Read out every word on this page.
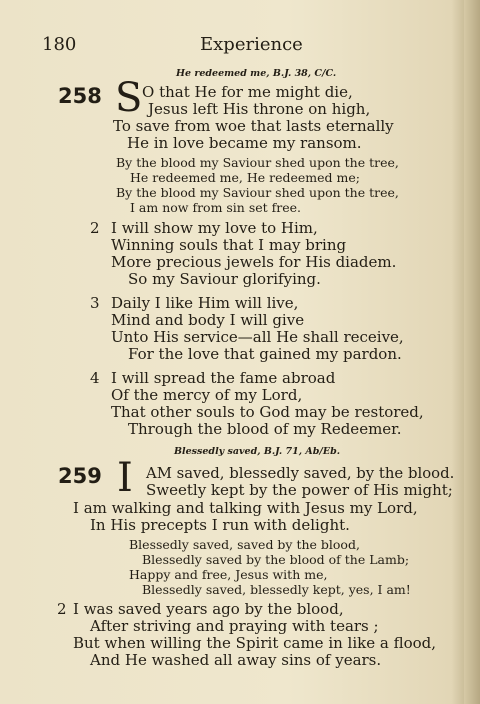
180	Experience
He redeemed me, B.J. 38, C/C.
258 S O that He for me might die,
Jesus left His throne on high,
To save from woe that lasts eternally
He in love became my ransom.
By the blood my Saviour shed upon the tree,
He redeemed me, He redeemed me;
By the blood my Saviour shed upon the tree,
I am now from sin set free.
2 I will show my love to Him,
Winning souls that I may bring
More precious jewels for His diadem.
So my Saviour glorifying.
3 Daily I like Him will live,
Mind and body I will give
Unto His service—all He shall receive,
For the love that gained my pardon.
4 I will spread the fame abroad
Of the mercy of my Lord,
That other souls to God may be restored,
Through the blood of my Redeemer.
Blessedly saved, B.J. 71, Ab/Eb.
259 I AM saved, blessedly saved, by the blood.
Sweetly kept by the power of His might;
I am walking and talking with Jesus my Lord,
In His precepts I run with delight.
Blessedly saved, saved by the blood,
Blessedly saved by the blood of the Lamb;
Happy and free, Jesus with me,
Blessedly saved, blessedly kept, yes, I am!
2 I was saved years ago by the blood,
After striving and praying with tears ;
But when willing the Spirit came in like a flood,
And He washed all away sins of years.
